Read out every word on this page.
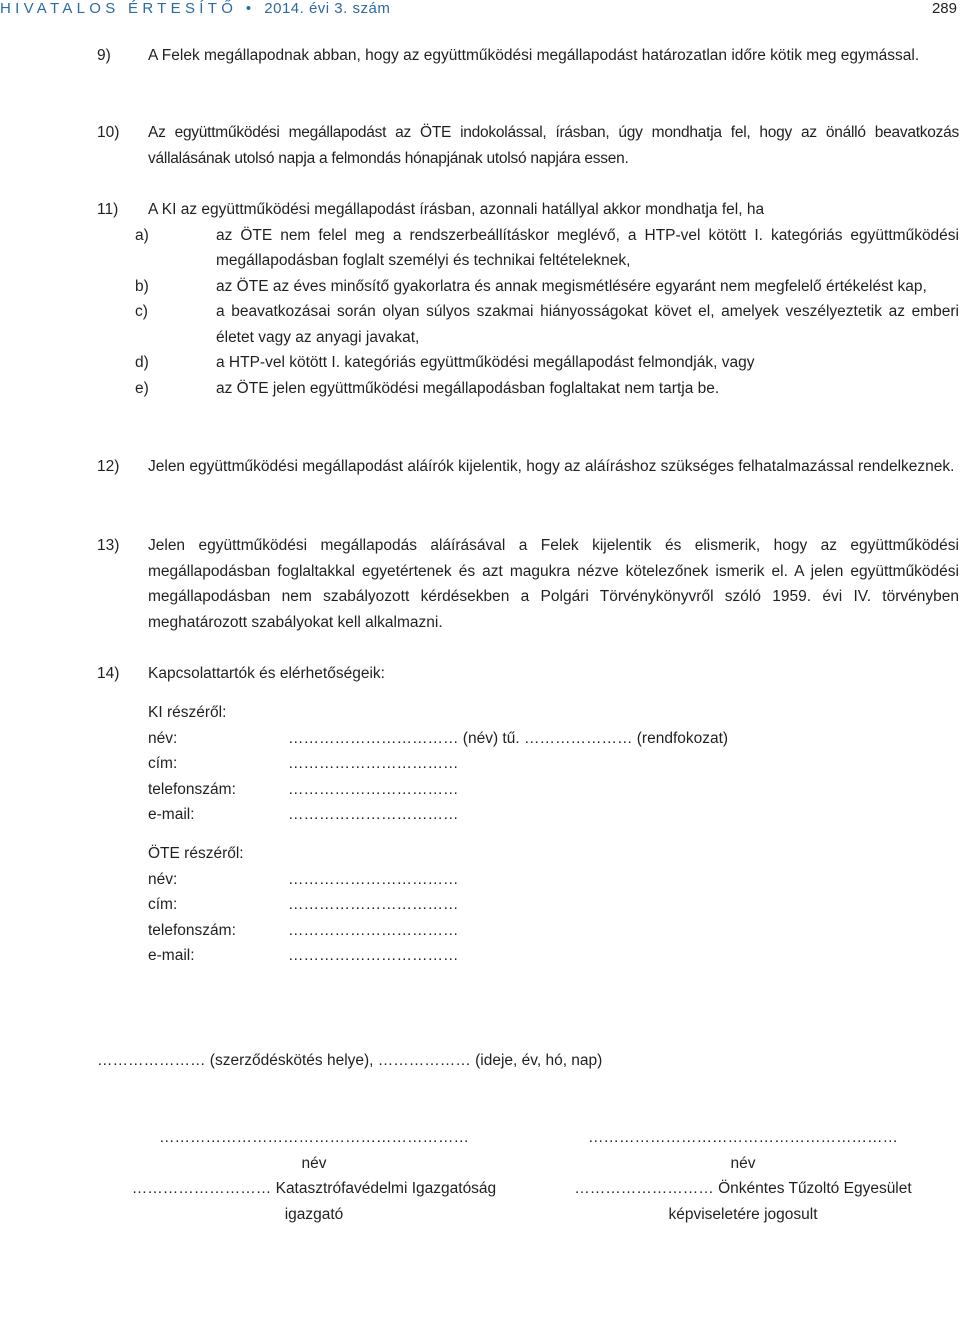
HIVATALOS ÉRTESÍTŐ • 2014. évi 3. szám	289
9) A Felek megállapodnak abban, hogy az együttműködési megállapodást határozatlan időre kötik meg egymással.
10) Az együttműködési megállapodást az ÖTE indokolással, írásban, úgy mondhatja fel, hogy az önálló beavatkozás vállalásának utolsó napja a felmondás hónapjának utolsó napjára essen.
11) A KI az együttműködési megállapodást írásban, azonnali hatállyal akkor mondhatja fel, ha
a)	az ÖTE nem felel meg a rendszerbeállításkor meglévő, a HTP-vel kötött I. kategóriás együttműködési megállapodásban foglalt személyi és technikai feltételeknek,
b)	az ÖTE az éves minősítő gyakorlatra és annak megismétlésére egyaránt nem megfelelő értékelést kap,
c)	a beavatkozásai során olyan súlyos szakmai hiányosságokat követ el, amelyek veszélyeztetik az emberi életet vagy az anyagi javakat,
d)	a HTP-vel kötött I. kategóriás együttműködési megállapodást felmondják, vagy
e)	az ÖTE jelen együttműködési megállapodásban foglaltakat nem tartja be.
12) Jelen együttműködési megállapodást aláírók kijelentik, hogy az aláíráshoz szükséges felhatalmazással rendelkeznek.
13) Jelen együttműködési megállapodás aláírásával a Felek kijelentik és elismerik, hogy az együttműködési megállapodásban foglaltakkal egyetértenek és azt magukra nézve kötelezőnek ismerik el. A jelen együttműködési megállapodásban nem szabályozott kérdésekben a Polgári Törvénykönyvről szóló 1959. évi IV. törvényben meghatározott szabályokat kell alkalmazni.
14) Kapcsolattartók és elérhetőségeik:
KI részéről:
név:	…………………………… (név) tű. ………………… (rendfokozat)
cím:	……………………………
telefonszám:	……………………………
e-mail:	……………………………
ÖTE részéről:
név:	……………………………
cím:	……………………………
telefonszám:	……………………………
e-mail:	……………………………
………………… (szerződéskötés helye), ……………… (ideje, év, hó, nap)
……………………………………………………
név
……………………… Katasztrófavédelmi Igazgatóság
igazgató
……………………………………………………
név
……………………… Önkéntes Tűzoltó Egyesület
képviseletére jogosult
